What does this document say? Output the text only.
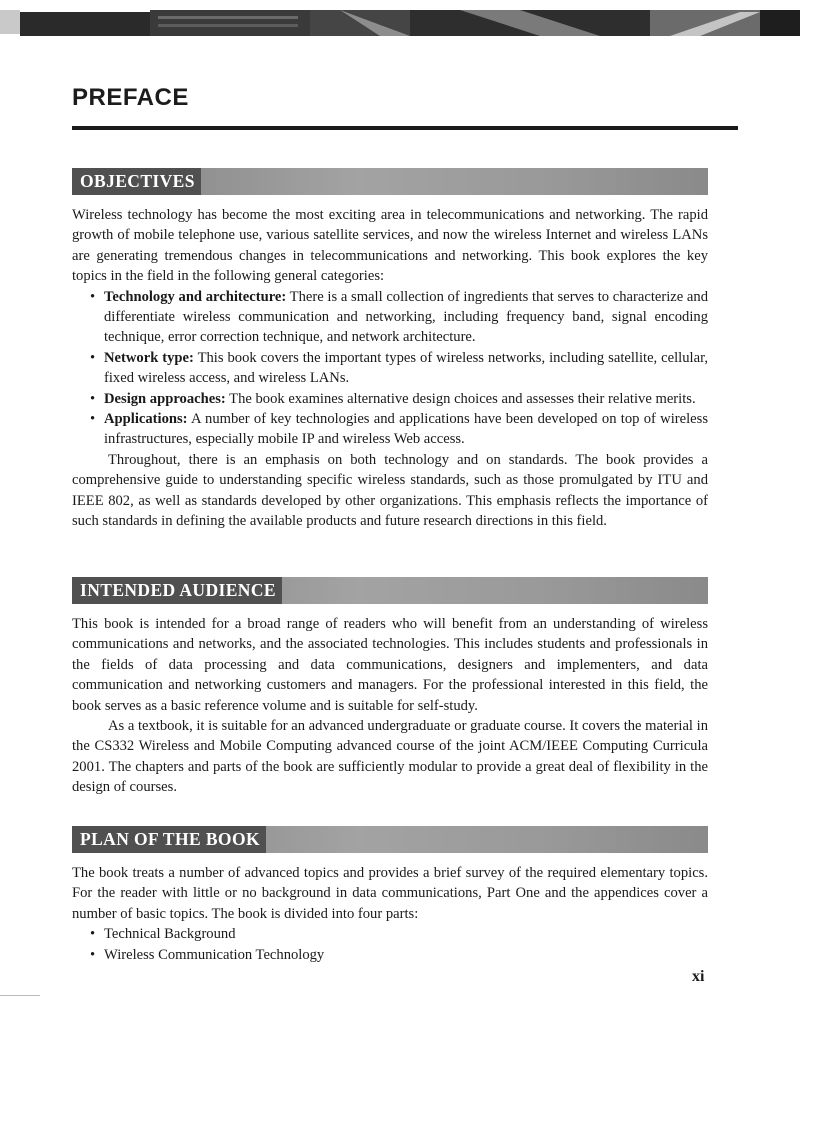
PREFACE
OBJECTIVES

Wireless technology has become the most exciting area in telecommunications and networking. The rapid growth of mobile telephone use, various satellite services, and now the wireless Internet and wireless LANs are generating tremendous changes in telecommunications and networking. This book explores the key topics in the field in the following general categories:

• Technology and architecture: There is a small collection of ingredients that serves to characterize and differentiate wireless communication and networking, including frequency band, signal encoding technique, error correction technique, and network architecture.
• Network type: This book covers the important types of wireless networks, including satellite, cellular, fixed wireless access, and wireless LANs.
• Design approaches: The book examines alternative design choices and assesses their relative merits.
• Applications: A number of key technologies and applications have been developed on top of wireless infrastructures, especially mobile IP and wireless Web access.

Throughout, there is an emphasis on both technology and on standards. The book provides a comprehensive guide to understanding specific wireless standards, such as those promulgated by ITU and IEEE 802, as well as standards developed by other organizations. This emphasis reflects the importance of such standards in defining the available products and future research directions in this field.

INTENDED AUDIENCE

This book is intended for a broad range of readers who will benefit from an understanding of wireless communications and networks, and the associated technologies. This includes students and professionals in the fields of data processing and data communications, designers and implementers, and data communication and networking customers and managers. For the professional interested in this field, the book serves as a basic reference volume and is suitable for self-study.

As a textbook, it is suitable for an advanced undergraduate or graduate course. It covers the material in the CS332 Wireless and Mobile Computing advanced course of the joint ACM/IEEE Computing Curricula 2001. The chapters and parts of the book are sufficiently modular to provide a great deal of flexibility in the design of courses.

PLAN OF THE BOOK

The book treats a number of advanced topics and provides a brief survey of the required elementary topics. For the reader with little or no background in data communications, Part One and the appendices cover a number of basic topics. The book is divided into four parts:

• Technical Background
• Wireless Communication Technology
xi
